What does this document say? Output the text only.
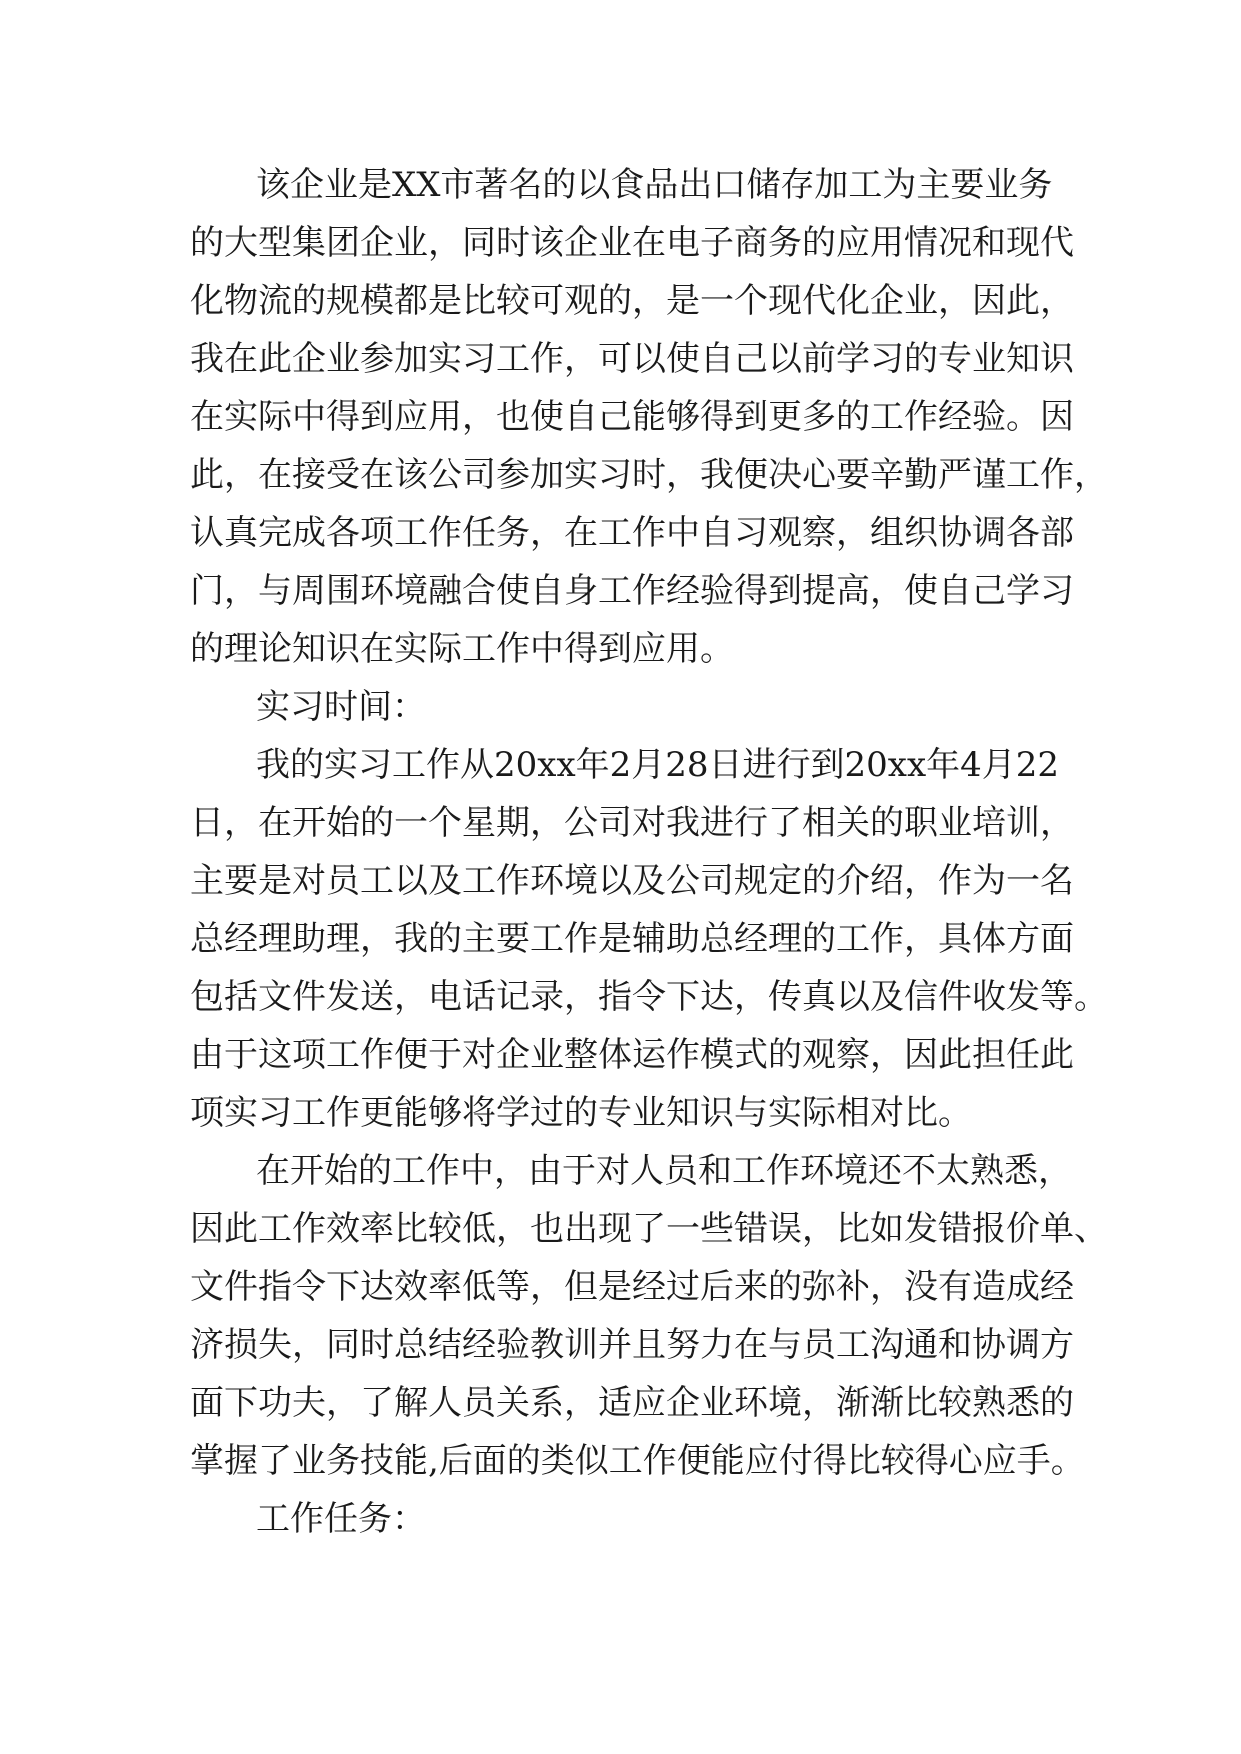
该企业是XX市著名的以食品出口储存加工为主要业务
的大型集团企业，同时该企业在电子商务的应用情况和现代
化物流的规模都是比较可观的，是一个现代化企业，因此，
我在此企业参加实习工作，可以使自己以前学习的专业知识
在实际中得到应用，也使自己能够得到更多的工作经验。因
此，在接受在该公司参加实习时，我便决心要辛勤严谨工作，
认真完成各项工作任务，在工作中自习观察，组织协调各部
门，与周围环境融合使自身工作经验得到提高，使自己学习
的理论知识在实际工作中得到应用。
实习时间：
我的实习工作从20xx年2月28日进行到20xx年4月22
日，在开始的一个星期，公司对我进行了相关的职业培训，
主要是对员工以及工作环境以及公司规定的介绍，作为一名
总经理助理，我的主要工作是辅助总经理的工作，具体方面
包括文件发送，电话记录，指令下达，传真以及信件收发等。
由于这项工作便于对企业整体运作模式的观察，因此担任此
项实习工作更能够将学过的专业知识与实际相对比。
在开始的工作中，由于对人员和工作环境还不太熟悉，
因此工作效率比较低，也出现了一些错误，比如发错报价单、
文件指令下达效率低等，但是经过后来的弥补，没有造成经
济损失，同时总结经验教训并且努力在与员工沟通和协调方
面下功夫，了解人员关系，适应企业环境，渐渐比较熟悉的
掌握了业务技能,后面的类似工作便能应付得比较得心应手。
工作任务：
